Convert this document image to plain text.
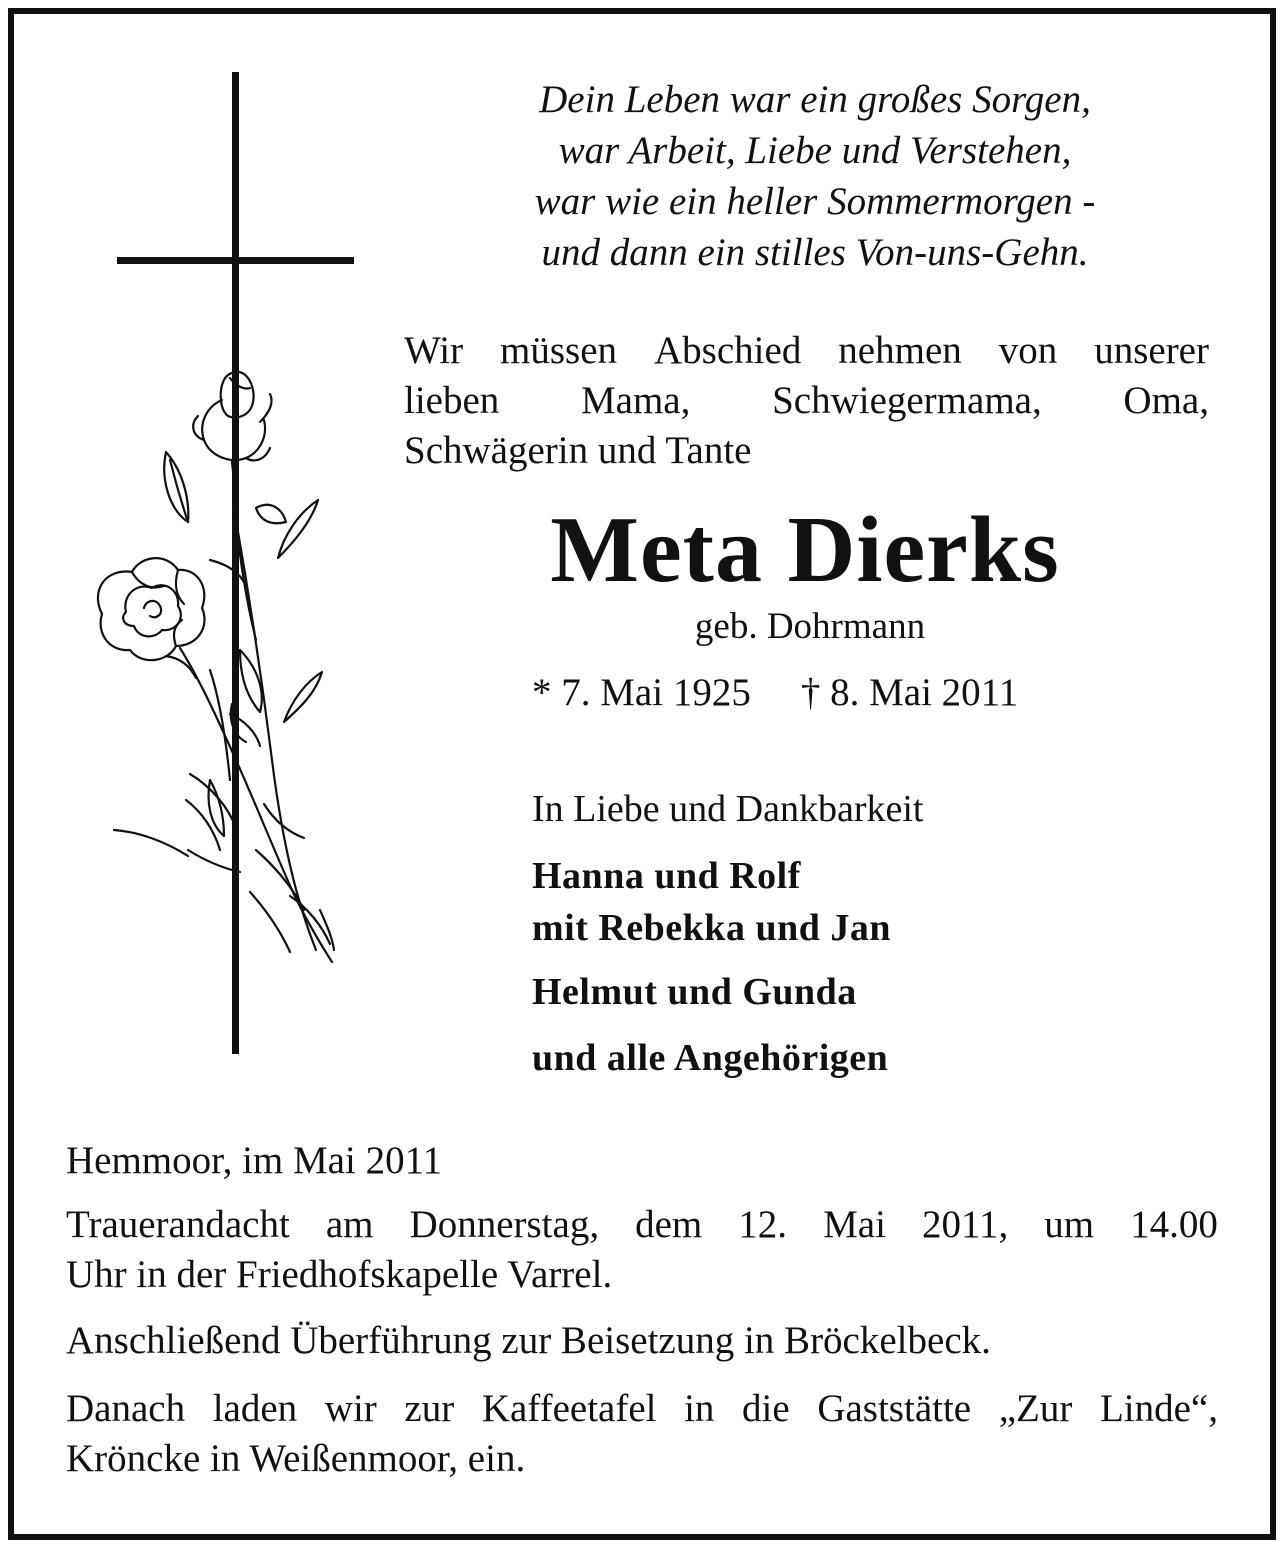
Dein Leben war ein großes Sorgen,
war Arbeit, Liebe und Verstehen,
war wie ein heller Sommermorgen -
und dann ein stilles Von-uns-Gehn.
Wir müssen Abschied nehmen von unserer
lieben Mama, Schwiegermama, Oma,
Schwägerin und Tante
Meta Dierks
geb. Dohrmann
* 7. Mai 1925 † 8. Mai 2011
In Liebe und Dankbarkeit
Hanna und Rolf
mit Rebekka und Jan
Helmut und Gunda
und alle Angehörigen
Hemmoor, im Mai 2011
Trauerandacht am Donnerstag, dem 12. Mai 2011, um 14.00
Uhr in der Friedhofskapelle Varrel.
Anschließend Überführung zur Beisetzung in Bröckelbeck.
Danach laden wir zur Kaffeetafel in die Gaststätte „Zur Linde“,
Kröncke in Weißenmoor, ein.
